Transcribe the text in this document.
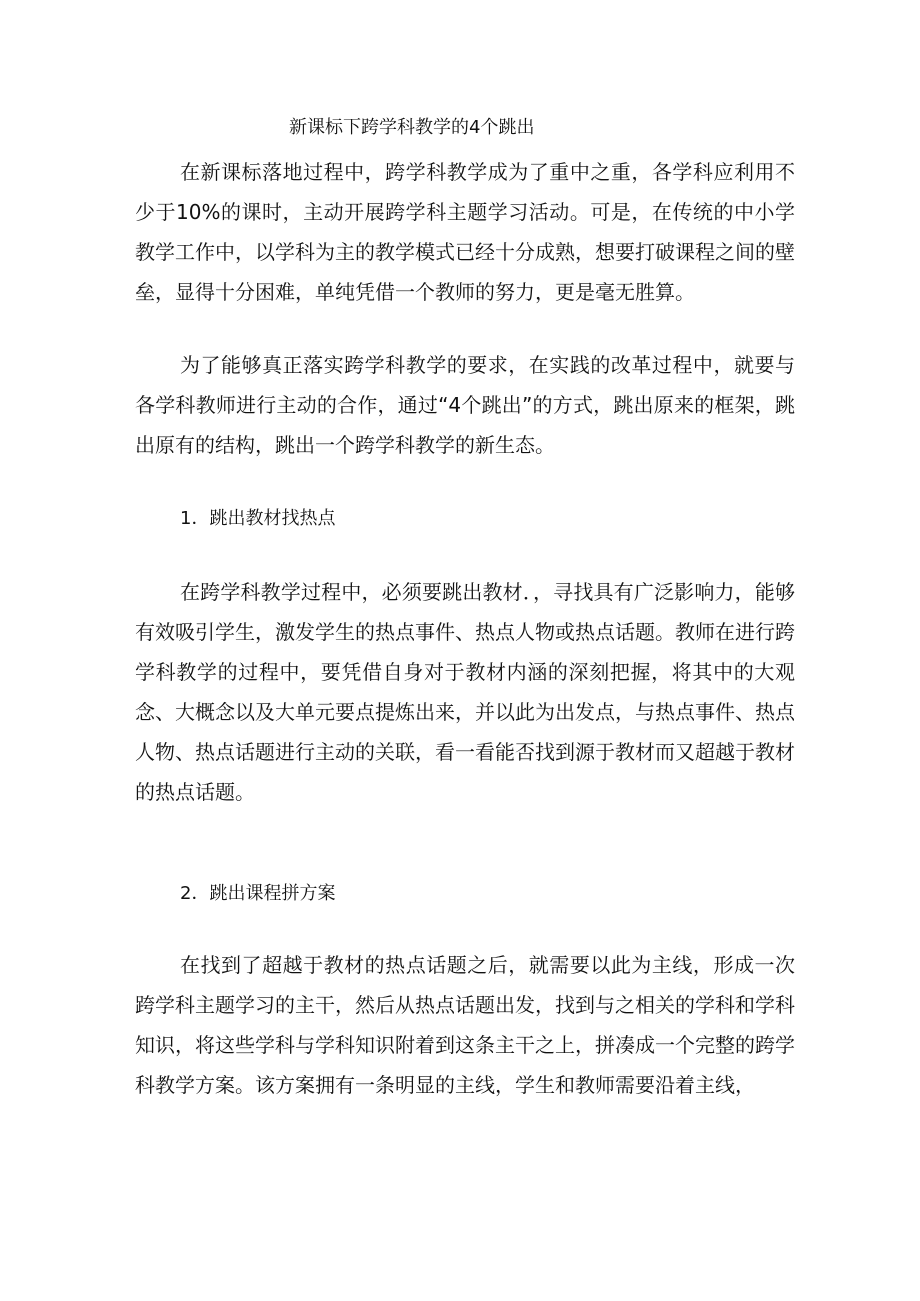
新课标下跨学科教学的4个跳出

在新课标落地过程中，跨学科教学成为了重中之重，各学科应利用不少于10%的课时，主动开展跨学科主题学习活动。可是，在传统的中小学教学工作中，以学科为主的教学模式已经十分成熟，想要打破课程之间的壁垒，显得十分困难，单纯凭借一个教师的努力，更是毫无胜算。

为了能够真正落实跨学科教学的要求，在实践的改革过程中，就要与各学科教师进行主动的合作，通过“4个跳出”的方式，跳出原来的框架，跳出原有的结构，跳出一个跨学科教学的新生态。

1．跳出教材找热点

在跨学科教学过程中，必须要跳出教材．，寻找具有广泛影响力，能够有效吸引学生，激发学生的热点事件、热点人物或热点话题。教师在进行跨学科教学的过程中，要凭借自身对于教材内涵的深刻把握，将其中的大观念、大概念以及大单元要点提炼出来，并以此为出发点，与热点事件、热点人物、热点话题进行主动的关联，看一看能否找到源于教材而又超越于教材的热点话题。

2．跳出课程拼方案

在找到了超越于教材的热点话题之后，就需要以此为主线，形成一次跨学科主题学习的主干，然后从热点话题出发，找到与之相关的学科和学科知识，将这些学科与学科知识附着到这条主干之上，拼凑成一个完整的跨学科教学方案。该方案拥有一条明显的主线，学生和教师需要沿着主线，
